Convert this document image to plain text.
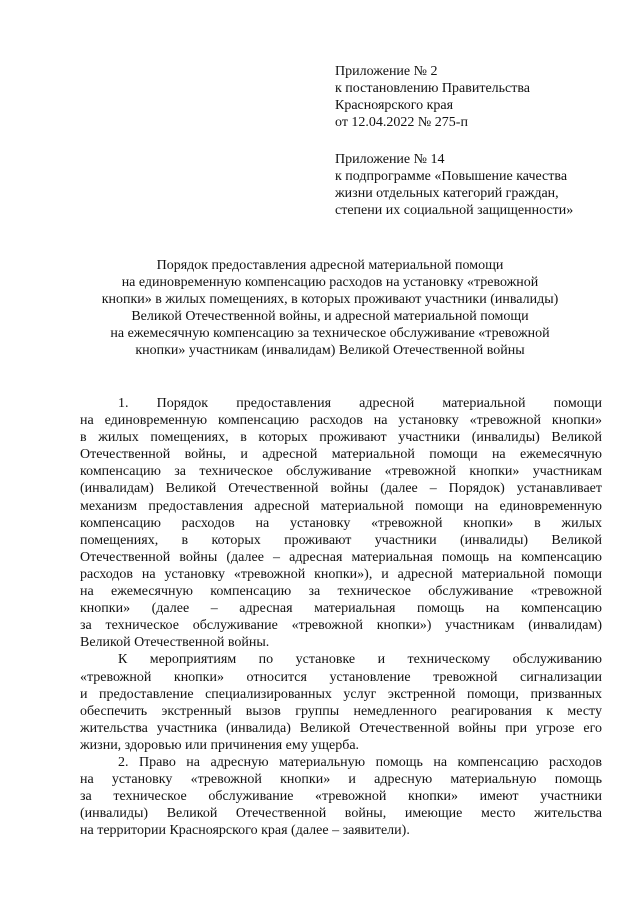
Приложение № 2
к постановлению Правительства
Красноярского края
от 12.04.2022 № 275-п
Приложение № 14
к подпрограмме «Повышение качества
жизни отдельных категорий граждан,
степени их социальной защищенности»
Порядок предоставления адресной материальной помощи
на единовременную компенсацию расходов на установку «тревожной
кнопки» в жилых помещениях, в которых проживают участники (инвалиды)
Великой Отечественной войны, и адресной материальной помощи
на ежемесячную компенсацию за техническое обслуживание «тревожной
кнопки» участникам (инвалидам) Великой Отечественной войны
1. Порядок предоставления адресной материальной помощи
на единовременную компенсацию расходов на установку «тревожной кнопки»
в жилых помещениях, в которых проживают участники (инвалиды) Великой
Отечественной войны, и адресной материальной помощи на ежемесячную
компенсацию за техническое обслуживание «тревожной кнопки» участникам
(инвалидам) Великой Отечественной войны (далее – Порядок) устанавливает
механизм предоставления адресной материальной помощи на единовременную
компенсацию расходов на установку «тревожной кнопки» в жилых
помещениях, в которых проживают участники (инвалиды) Великой
Отечественной войны (далее – адресная материальная помощь на компенсацию
расходов на установку «тревожной кнопки»), и адресной материальной помощи
на ежемесячную компенсацию за техническое обслуживание «тревожной
кнопки» (далее – адресная материальная помощь на компенсацию
за техническое обслуживание «тревожной кнопки») участникам (инвалидам)
Великой Отечественной войны.
К мероприятиям по установке и техническому обслуживанию
«тревожной кнопки» относится установление тревожной сигнализации
и предоставление специализированных услуг экстренной помощи, призванных
обеспечить экстренный вызов группы немедленного реагирования к месту
жительства участника (инвалида) Великой Отечественной войны при угрозе его
жизни, здоровью или причинения ему ущерба.
2. Право на адресную материальную помощь на компенсацию расходов
на установку «тревожной кнопки» и адресную материальную помощь
за техническое обслуживание «тревожной кнопки» имеют участники
(инвалиды) Великой Отечественной войны, имеющие место жительства
на территории Красноярского края (далее – заявители).
